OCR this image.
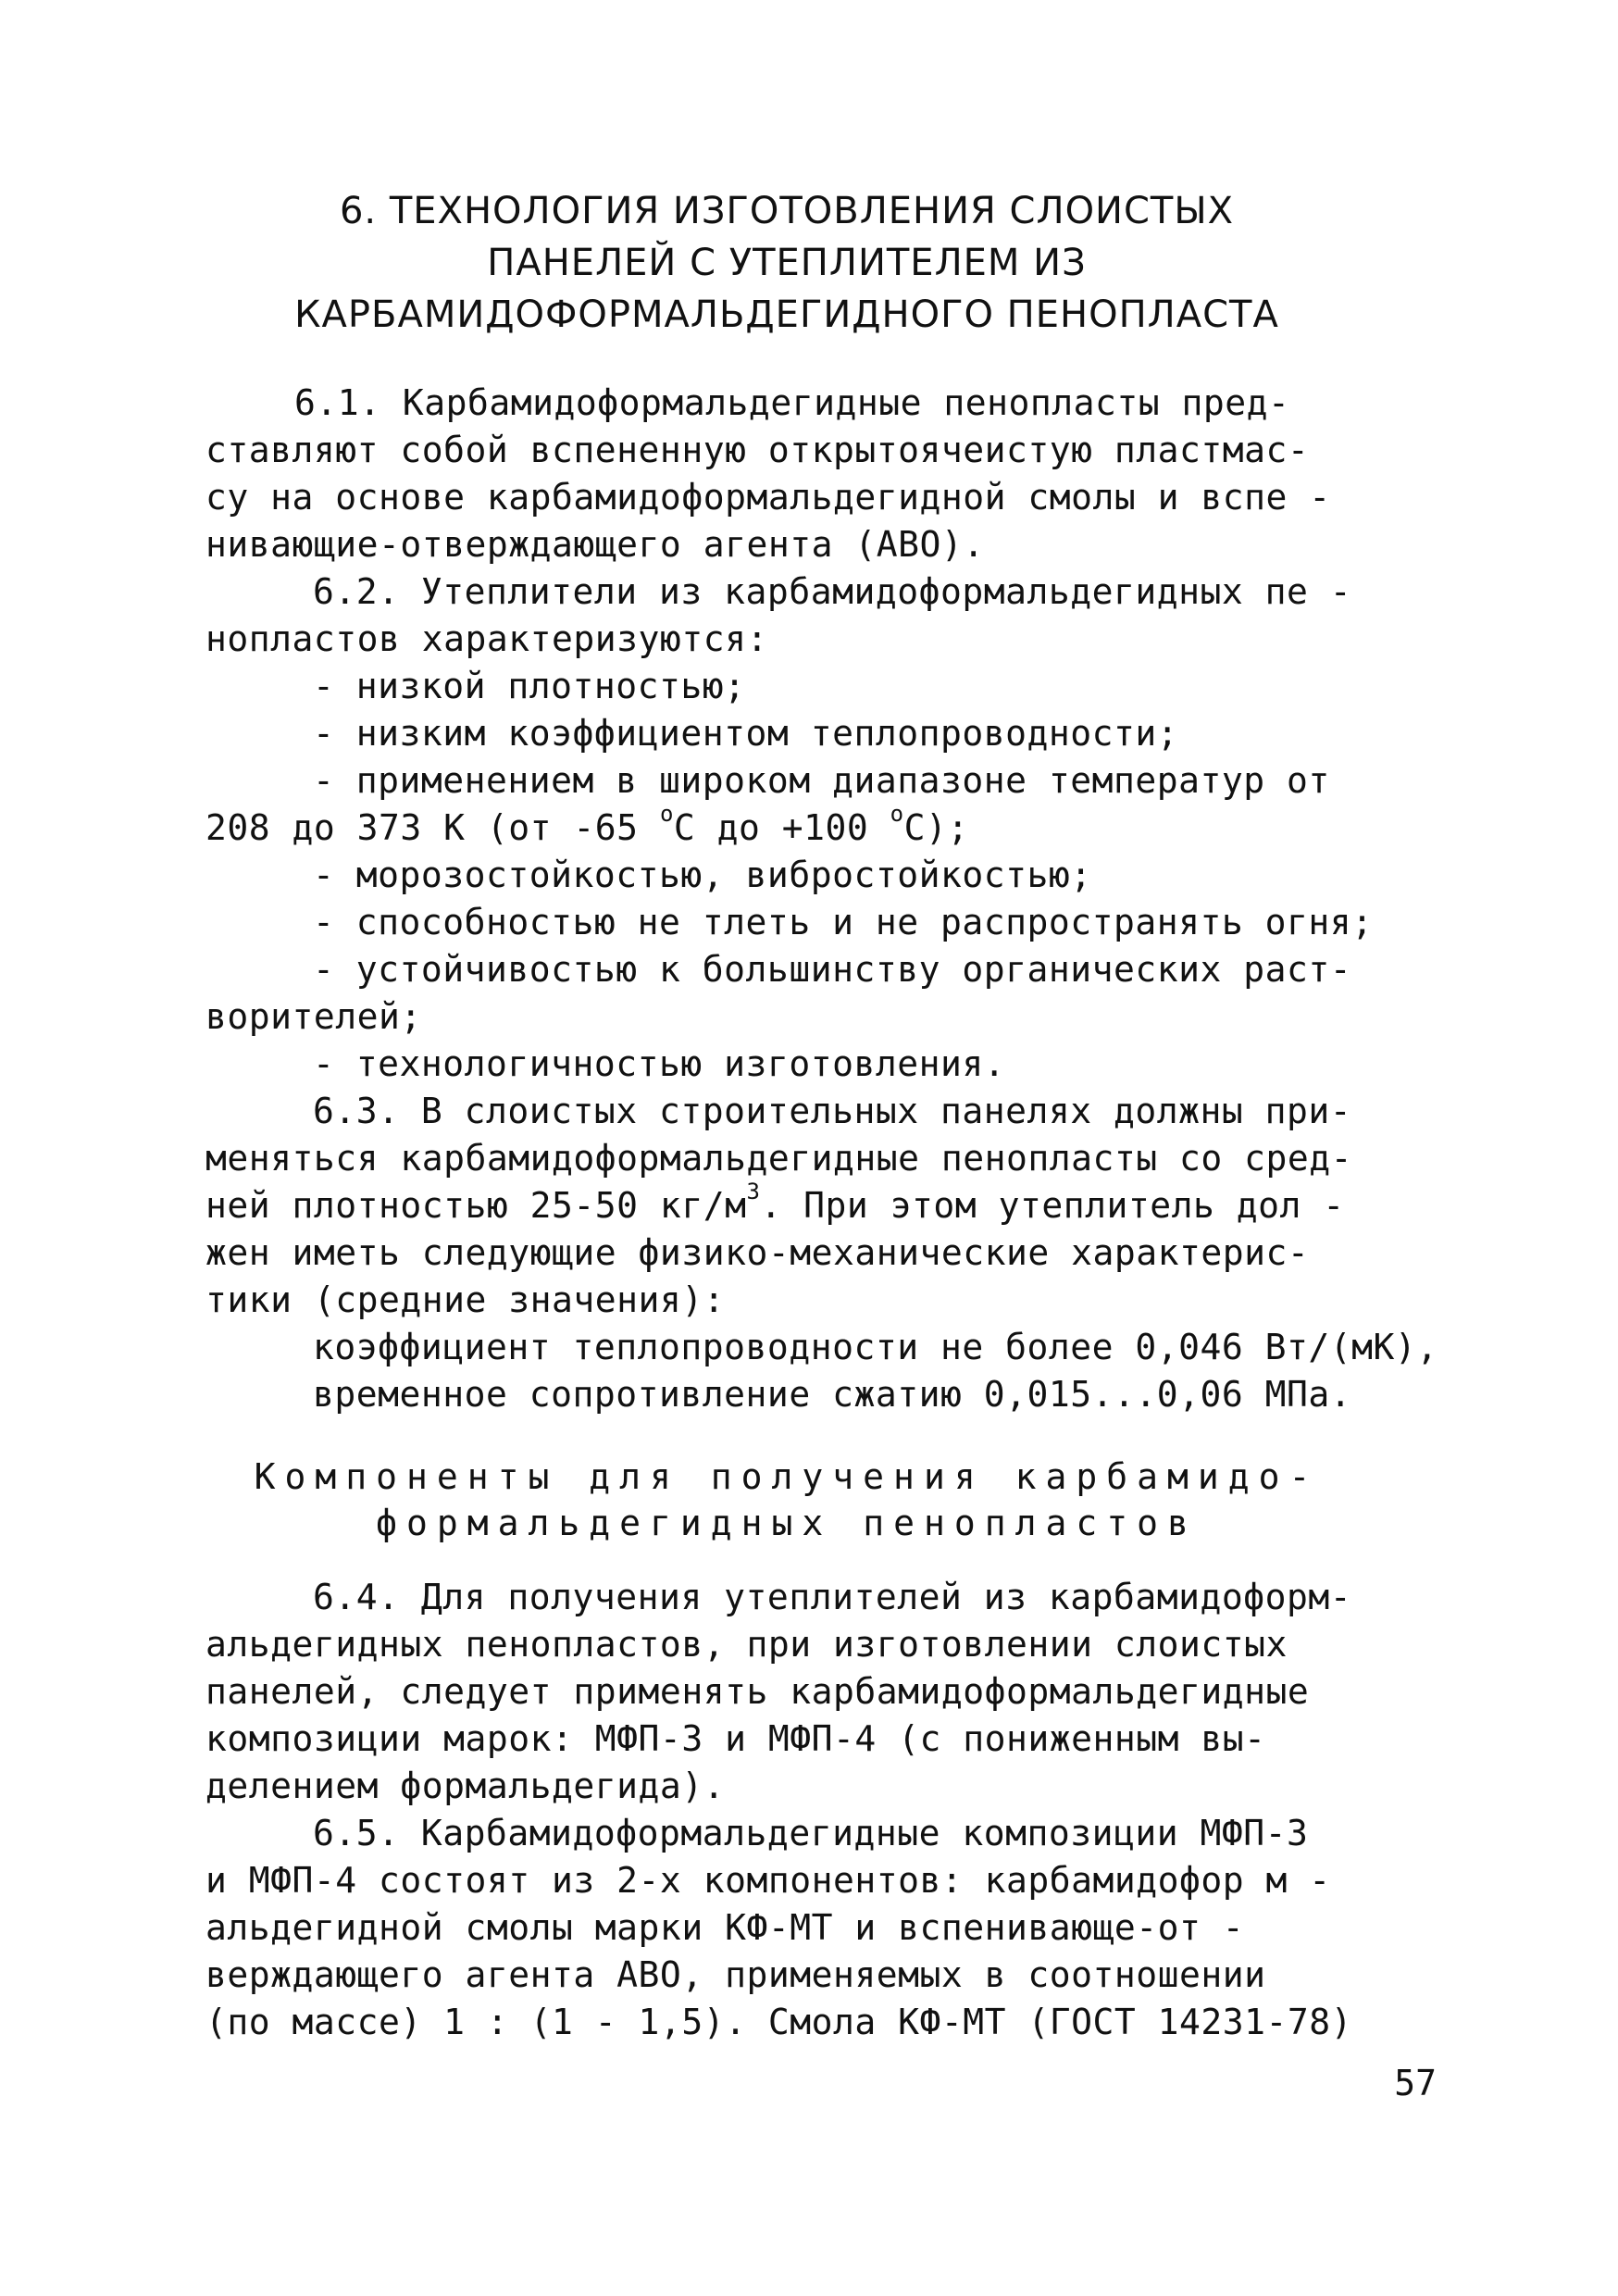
6. ТЕХНОЛОГИЯ ИЗГОТОВЛЕНИЯ СЛОИСТЫХ
ПАНЕЛЕЙ С УТЕПЛИТЕЛЕМ ИЗ
КАРБАМИДОФОРМАЛЬДЕГИДНОГО ПЕНОПЛАСТА
6.1. Карбамидоформальдегидные пенопласты пред-
ставляют собой вспененную открытоячеистую пластмас-
су на основе карбамидоформальдегидной смолы и вспе -
нивающие-отверждающего агента (АВО).
6.2. Утеплители из карбамидоформальдегидных пе -
нопластов характеризуются:
- низкой плотностью;
- низким коэффициентом теплопроводности;
- применением в широком диапазоне температур от
208 до 373 К (от -65 $^o$С до +100 $^o$С);
- морозостойкостью, вибростойкостью;
- способностью не тлеть и не распространять огня;
- устойчивостью к большинству органических раст-
ворителей;
- технологичностью изготовления.
6.3. В слоистых строительных панелях должны при-
меняться карбамидоформальдегидные пенопласты со сред-
ней плотностью 25-50 $кг/м^3$. При этом утеплитель дол -
жен иметь следующие физико-механические характерис-
тики (средние значения):
коэффициент теплопроводности не более 0,046 Вт/(мК),
временное сопротивление сжатию 0,015...0,06 МПа.
Компоненты для получения карбамидо-
формальдегидных пенопластов
6.4. Для получения утеплителей из карбамидоформ-
альдегидных пенопластов, при изготовлении слоистых
панелей, следует применять карбамидоформальдегидные
композиции марок: МФП-3 и МФП-4 (с пониженным вы-
делением формальдегида).
6.5. Карбамидоформальдегидные композиции МФП-3
и МФП-4 состоят из 2-х компонентов: карбамидофор м -
альдегидной смолы марки КФ-МТ и вспенивающе-от -
верждающего агента АВО, применяемых в соотношении
(по массе) 1 : (1 - 1,5). Смола КФ-МТ (ГОСТ 14231-78)
57
